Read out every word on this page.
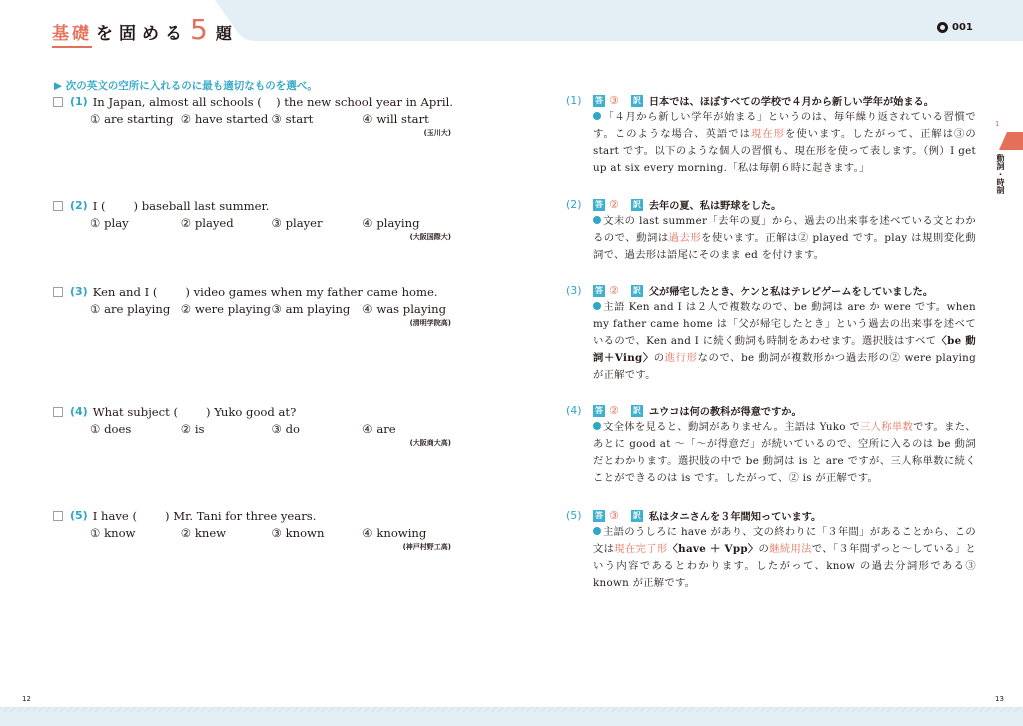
基礎 を固める 5 題	001
▶ 次の英文の空所に入れるのに最も適切なものを選べ。
(1) In Japan, almost all schools ( ) the new school year in April.
① are starting ② have started ③ start	④ will start
(玉川大)
(2) I ( ) baseball last summer.
① play	② played	③ player	④ playing
(大阪国際大)
(3) Ken and I ( ) video games when my father came home.
① are playing ② were playing ③ am playing	④ was playing
(清明学院高)
(4) What subject ( ) Yuko good at?
① does	② is	③ do	④ are
(大阪商大高)
(5) I have ( ) Mr. Tani for three years.
① know	② knew	③ known	④ knowing
(神戸村野工高)
(1)	答 ③ 訳 日本では、ほぼすべての学校で４月から新しい学年が始まる。
「４月から新しい学年が始まる」というのは、毎年繰り返されている習慣です。このような場合、英語では現在形を使います。したがって、正解は③の start です。以下のような個人の習慣も、現在形を使って表します。（例）I get up at six every morning.「私は毎朝６時に起きます。」
(2)	答 ② 訳 去年の夏、私は野球をした。
文末の last summer「去年の夏」から、過去の出来事を述べている文とわかるので、動詞は過去形を使います。正解は② played です。play は規則変化動詞で、過去形は語尾にそのまま ed を付けます。
(3)	答 ② 訳 父が帰宅したとき、ケンと私はテレビゲームをしていました。
主語 Ken and I は２人で複数なので、be 動詞は are か were です。when my father came home は「父が帰宅したとき」という過去の出来事を述べているので、Ken and I に続く動詞も時制をあわせます。選択肢はすべて〈be 動詞＋Ving〉の進行形なので、be 動詞が複数形かつ過去形の② were playing が正解です。
(4)	答 ② 訳 ユウコは何の教科が得意ですか。
文全体を見ると、動詞がありません。主語は Yuko で三人称単数です。また、あとに good at ～「～が得意だ」が続いているので、空所に入るのは be 動詞だとわかります。選択肢の中で be 動詞は is と are ですが、三人称単数に続くことができるのは is です。したがって、② is が正解です。
(5)	答 ③ 訳 私はタニさんを３年間知っています。
主語のうしろに have があり、文の終わりに「３年間」があることから、この文は現在完了形〈have ＋ Vpp〉の継続用法で、「３年間ずっと～している」という内容であるとわかります。したがって、know の過去分詞形である③ known が正解です。
1
動詞・時制
12	13
